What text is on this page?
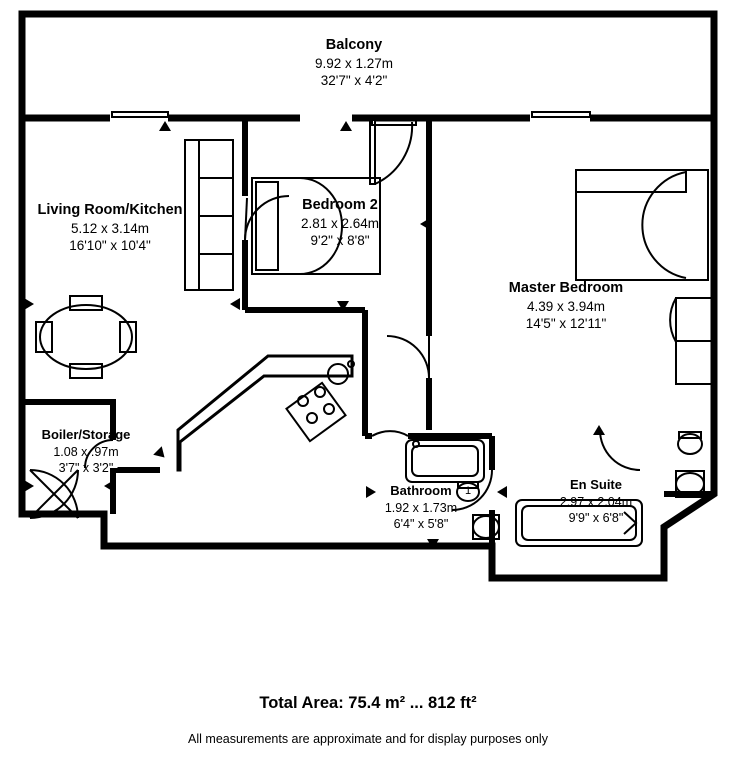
Balcony
9.92 x 1.27m
32'7" x 4'2"
Living Room/Kitchen
5.12 x 3.14m
16'10" x 10'4"
Bedroom 2
2.81 x 2.64m
9'2" x 8'8"
Master Bedroom
4.39 x 3.94m
14'5" x 12'11"
Boiler/Storage
1.08 x .97m
3'7" x 3'2"
Bathroom
1.92 x 1.73m
6'4" x 5'8"
En Suite
2.97 x 2.04m
9'9" x 6'8"
1
Total Area: 75.4 m² ... 812 ft²
All measurements are approximate and for display purposes only
